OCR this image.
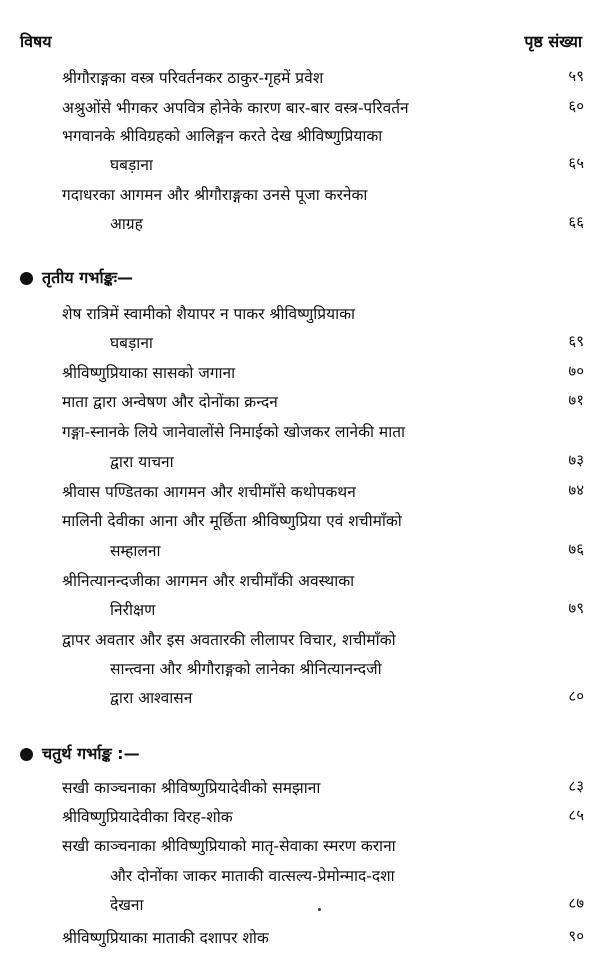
विषय	पृष्ठ संख्या
श्रीगौराङ्गका वस्त्र परिवर्तनकर ठाकुर-गृहमें प्रवेश	५९
अश्रुओंसे भीगकर अपवित्र होनेके कारण बार-बार वस्त्र-परिवर्तन	६०
भगवानके श्रीविग्रहको आलिङ्गन करते देख श्रीविष्णुप्रियाका
घबड़ाना	६५
गदाधरका आगमन और श्रीगौराङ्गका उनसे पूजा करनेका
आग्रह	६६
तृतीय गर्भाङ्कः—
शेष रात्रिमें स्वामीको शैयापर न पाकर श्रीविष्णुप्रियाका
घबड़ाना	६९
श्रीविष्णुप्रियाका सासको जगाना	७०
माता द्वारा अन्वेषण और दोनोंका क्रन्दन	७१
गङ्गा-स्नानके लिये जानेवालोंसे निमाईको खोजकर लानेकी माता
द्वारा याचना	७३
श्रीवास पण्डितका आगमन और शचीमाँसे कथोपकथन	७४
मालिनी देवीका आना और मूर्छिता श्रीविष्णुप्रिया एवं शचीमाँको
सम्हालना	७६
श्रीनित्यानन्दजीका आगमन और शचीमाँकी अवस्थाका
निरीक्षण	७९
द्वापर अवतार और इस अवतारकी लीलापर विचार, शचीमाँको
सान्त्वना और श्रीगौराङ्गको लानेका श्रीनित्यानन्दजी
द्वारा आश्वासन	८०
चतुर्थ गर्भाङ्क :—
सखी काञ्चनाका श्रीविष्णुप्रियादेवीको समझाना	८३
श्रीविष्णुप्रियादेवीका विरह-शोक	८५
सखी काञ्चनाका श्रीविष्णुप्रियाको मातृ-सेवाका स्मरण कराना
और दोनोंका जाकर माताकी वात्सल्य-प्रेमोन्माद-दशा
देखना	८७
श्रीविष्णुप्रियाका माताकी दशापर शोक	९०
